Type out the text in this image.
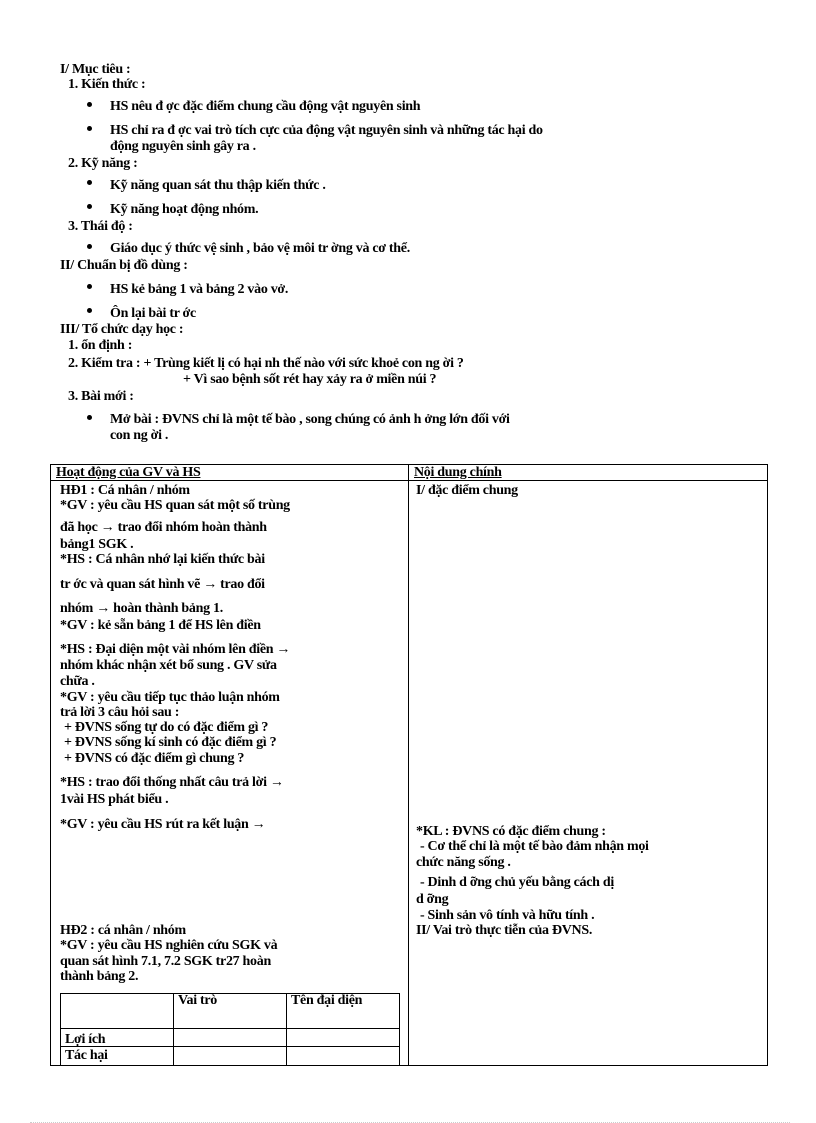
I/ Mục tiêu :
1. Kiến thức :
HS nêu đ ợc đặc điểm chung cầu động vật nguyên sinh
HS chỉ ra đ ợc vai trò tích cực của động vật nguyên sinh và những tác hại do
động nguyên sinh gây ra .
2. Kỹ năng :
Kỹ năng quan sát thu thập kiến thức .
Kỹ năng hoạt động nhóm.
3. Thái độ :
Giáo dục ý thức vệ sinh , bảo vệ môi tr ờng và cơ thể.
II/ Chuẩn bị đồ dùng :
HS kẻ bảng 1 và bảng 2 vào vở.
Ôn lại bài tr ớc
III/ Tổ chức dạy học :
1. ổn định :
2. Kiểm tra : + Trùng kiết lị có hại nh thế nào với sức khoẻ con ng ời ?
+ Vì sao bệnh sốt rét hay xảy ra ở miền núi ?
3. Bài mới :
Mở bài : ĐVNS chỉ là một tế bào , song chúng có ảnh h ởng lớn đối với
con ng ời .
Hoạt động của GV và HS	Nội dung chính
HĐ1 : Cá nhân / nhóm
*GV : yêu cầu HS quan sát một số trùng
đã học → trao đổi nhóm hoàn thành
bảng1 SGK .
*HS : Cá nhân nhớ lại kiến thức bài
tr ớc và quan sát hình vẽ → trao đổi
nhóm → hoàn thành bảng 1.
*GV : kẻ sẵn bảng 1 để HS lên điền
*HS : Đại diện một vài nhóm lên điền →
nhóm khác nhận xét bổ sung . GV sửa
chữa .
*GV : yêu cầu tiếp tục thảo luận nhóm
trả lời 3 câu hỏi sau :
+ ĐVNS sống tự do có đặc điểm gì ?
+ ĐVNS sống kí sinh có đặc điểm gì ?
+ ĐVNS có đặc điểm gì chung ?
*HS : trao đổi thống nhất câu trả lời →
1vài HS phát biểu .
*GV : yêu cầu HS rút ra kết luận →
HĐ2 : cá nhân / nhóm
*GV : yêu cầu HS nghiên cứu SGK và
quan sát hình 7.1, 7.2 SGK tr27 hoàn
thành bảng 2.
I/ đặc điểm chung
*KL : ĐVNS có đặc điểm chung :
- Cơ thể chỉ là một tế bào đảm nhận mọi
chức năng sống .
- Dinh d ỡng chủ yếu bằng cách dị
d ỡng
- Sinh sản vô tính và hữu tính .
II/ Vai trò thực tiễn của ĐVNS.
	Vai trò	Tên đại diện
Lợi ích		
Tác hại		
